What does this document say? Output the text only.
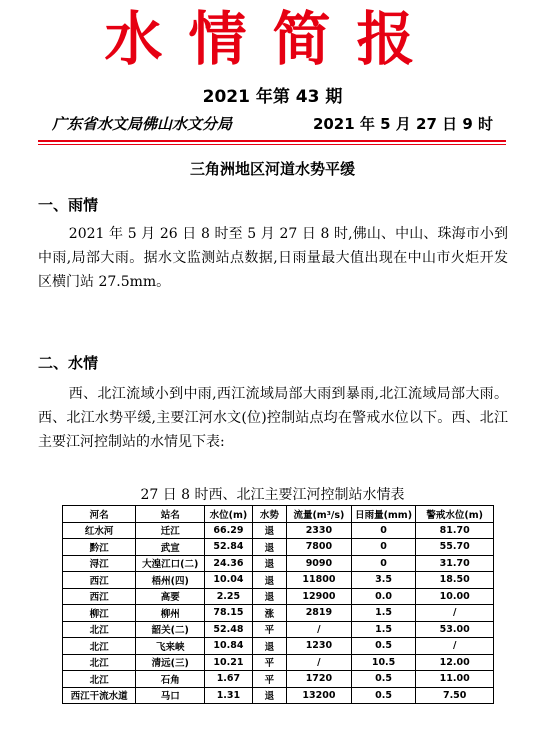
水情简报
2021 年第 43 期
广东省水文局佛山水文分局	2021 年 5 月 27 日 9 时
三角洲地区河道水势平缓
一、雨情
2021 年 5 月 26 日 8 时至 5 月 27 日 8 时,佛山、中山、珠海市小到中雨,局部大雨。据水文监测站点数据,日雨量最大值出现在中山市火炬开发区横门站 27.5mm。
二、水情
西、北江流域小到中雨,西江流域局部大雨到暴雨,北江流域局部大雨。西、北江水势平缓,主要江河水文(位)控制站点均在警戒水位以下。西、北江主要江河控制站的水情见下表:
27 日 8 时西、北江主要江河控制站水情表
河名	站名	水位(m)	水势	流量(m³/s)	日雨量(mm)	警戒水位(m)
红水河	迁江	66.29	退	2330	0	81.70
黔江	武宣	52.84	退	7800	0	55.70
浔江	大湟江口(二)	24.36	退	9090	0	31.70
西江	梧州(四)	10.04	退	11800	3.5	18.50
西江	高要	2.25	退	12900	0.0	10.00
柳江	柳州	78.15	涨	2819	1.5	/
北江	韶关(二)	52.48	平	/	1.5	53.00
北江	飞来峡	10.84	退	1230	0.5	/
北江	清远(三)	10.21	平	/	10.5	12.00
北江	石角	1.67	平	1720	0.5	11.00
西江干流水道	马口	1.31	退	13200	0.5	7.50
